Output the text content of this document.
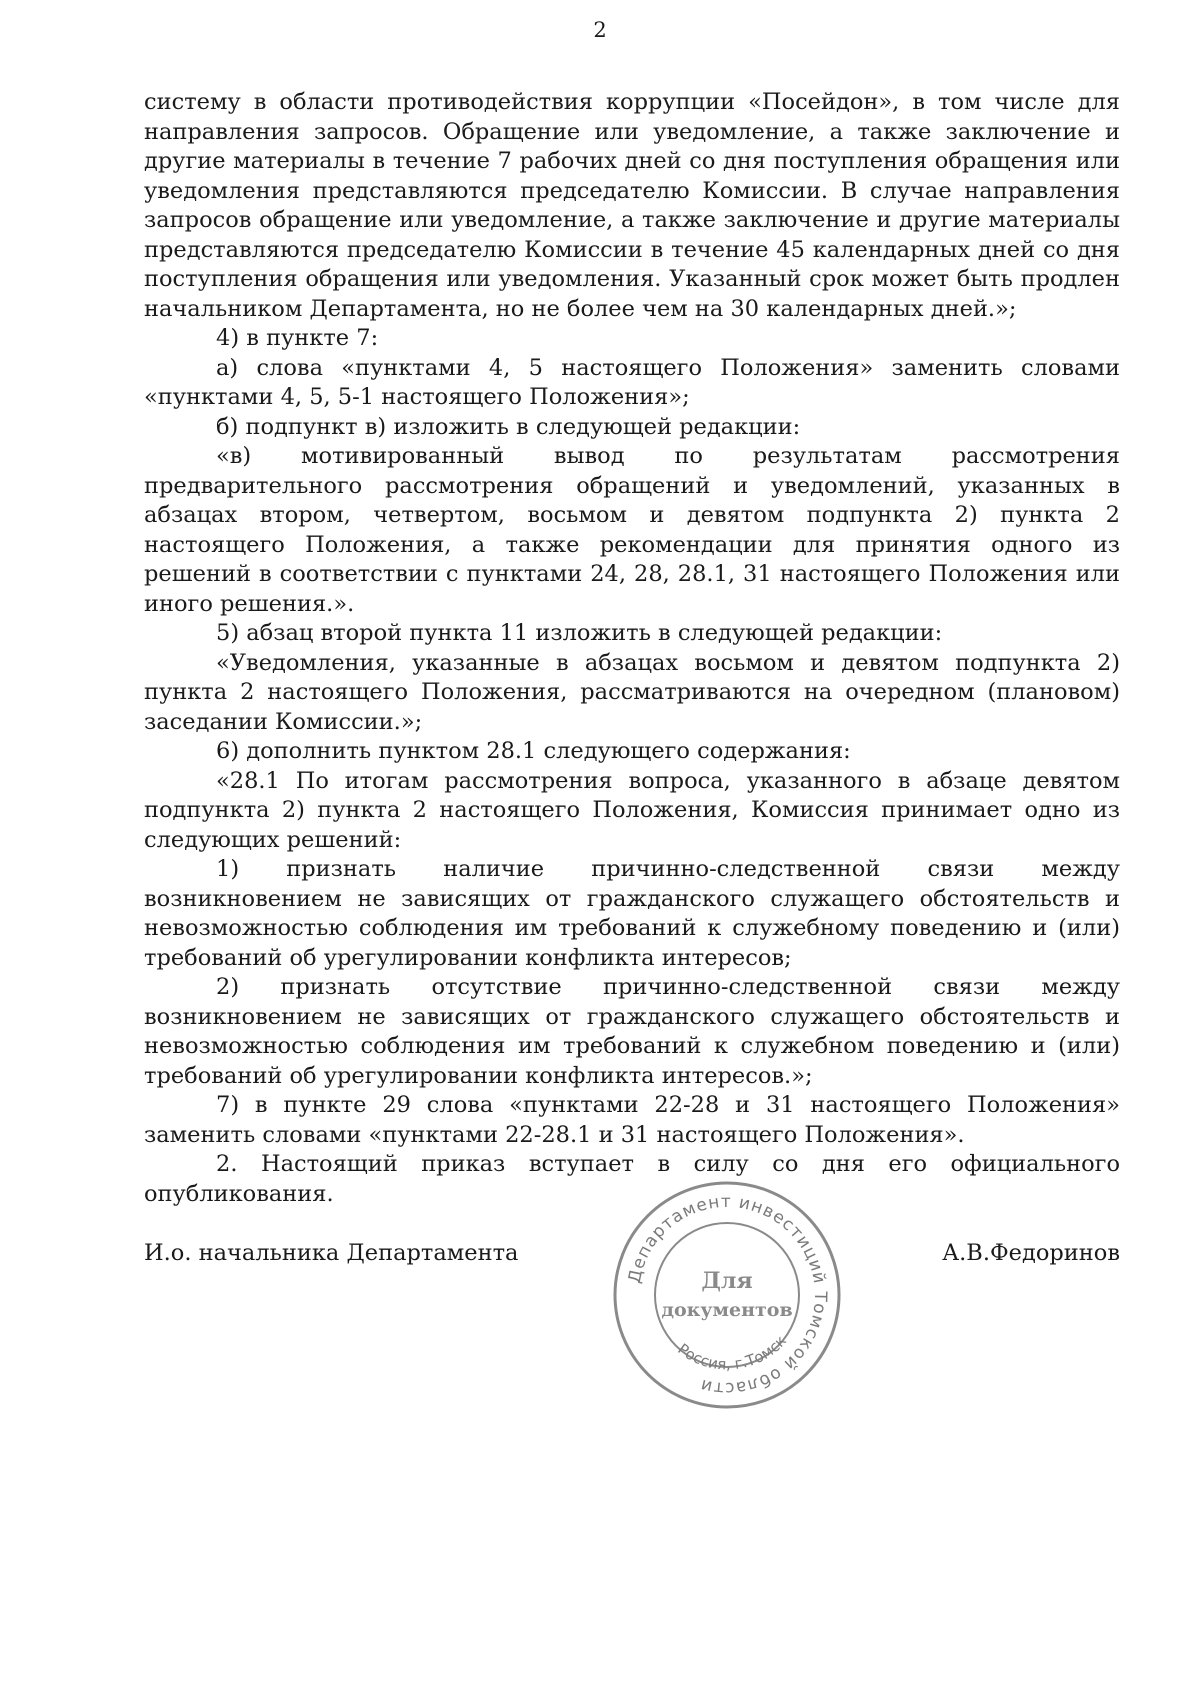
2

систему в области противодействия коррупции «Посейдон», в том числе для направления запросов. Обращение или уведомление, а также заключение и другие материалы в течение 7 рабочих дней со дня поступления обращения или уведомления представляются председателю Комиссии. В случае направления запросов обращение или уведомление, а также заключение и другие материалы представляются председателю Комиссии в течение 45 календарных дней со дня поступления обращения или уведомления. Указанный срок может быть продлен начальником Департамента, но не более чем на 30 календарных дней.»;

4) в пункте 7:

а) слова «пунктами 4, 5 настоящего Положения» заменить словами «пунктами 4, 5, 5-1 настоящего Положения»;

б) подпункт в) изложить в следующей редакции:

«в) мотивированный вывод по результатам рассмотрения предварительного рассмотрения обращений и уведомлений, указанных в абзацах втором, четвертом, восьмом и девятом подпункта 2) пункта 2 настоящего Положения, а также рекомендации для принятия одного из решений в соответствии с пунктами 24, 28, 28.1, 31 настоящего Положения или иного решения.».

5) абзац второй пункта 11 изложить в следующей редакции:

«Уведомления, указанные в абзацах восьмом и девятом подпункта 2) пункта 2 настоящего Положения, рассматриваются на очередном (плановом) заседании Комиссии.»;

6) дополнить пунктом 28.1 следующего содержания:

«28.1 По итогам рассмотрения вопроса, указанного в абзаце девятом подпункта 2) пункта 2 настоящего Положения, Комиссия принимает одно из следующих решений:

1) признать наличие причинно-следственной связи между возникновением не зависящих от гражданского служащего обстоятельств и невозможностью соблюдения им требований к служебному поведению и (или) требований об урегулировании конфликта интересов;

2) признать отсутствие причинно-следственной связи между возникновением не зависящих от гражданского служащего обстоятельств и невозможностью соблюдения им требований к служебном поведению и (или) требований об урегулировании конфликта интересов.»;

7) в пункте 29 слова «пунктами 22-28 и 31 настоящего Положения» заменить словами «пунктами 22-28.1 и 31 настоящего Положения».

2. Настоящий приказ вступает в силу со дня его официального опубликования.

И.о. начальника Департамента	А.В.Федоринов
Департамент инвестиций Томской области
Россия, г.Томск
Для
документов
